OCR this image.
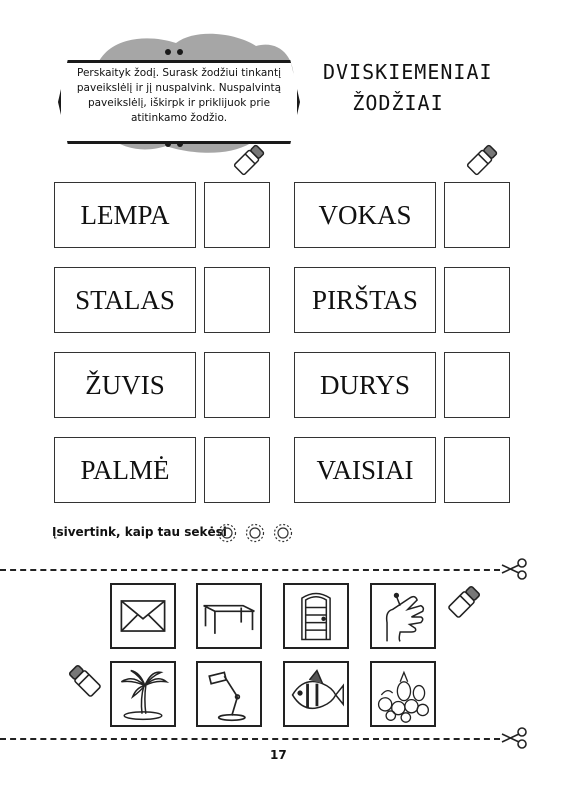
Perskaityk žodį. Surask žodžiui tinkantį
paveikslėlį ir jį nuspalvink. Nuspalvintą
paveikslėlį, iškirpk ir priklijuok prie
atitinkamo žodžio.
DVISKIEMENIAI
ŽODŽIAI
LEMPA	VOKAS
STALAS	PIRŠTAS
ŽUVIS	DURYS
PALMĖ	VAISIAI
Įsivertink, kaip tau sekėsi
17
